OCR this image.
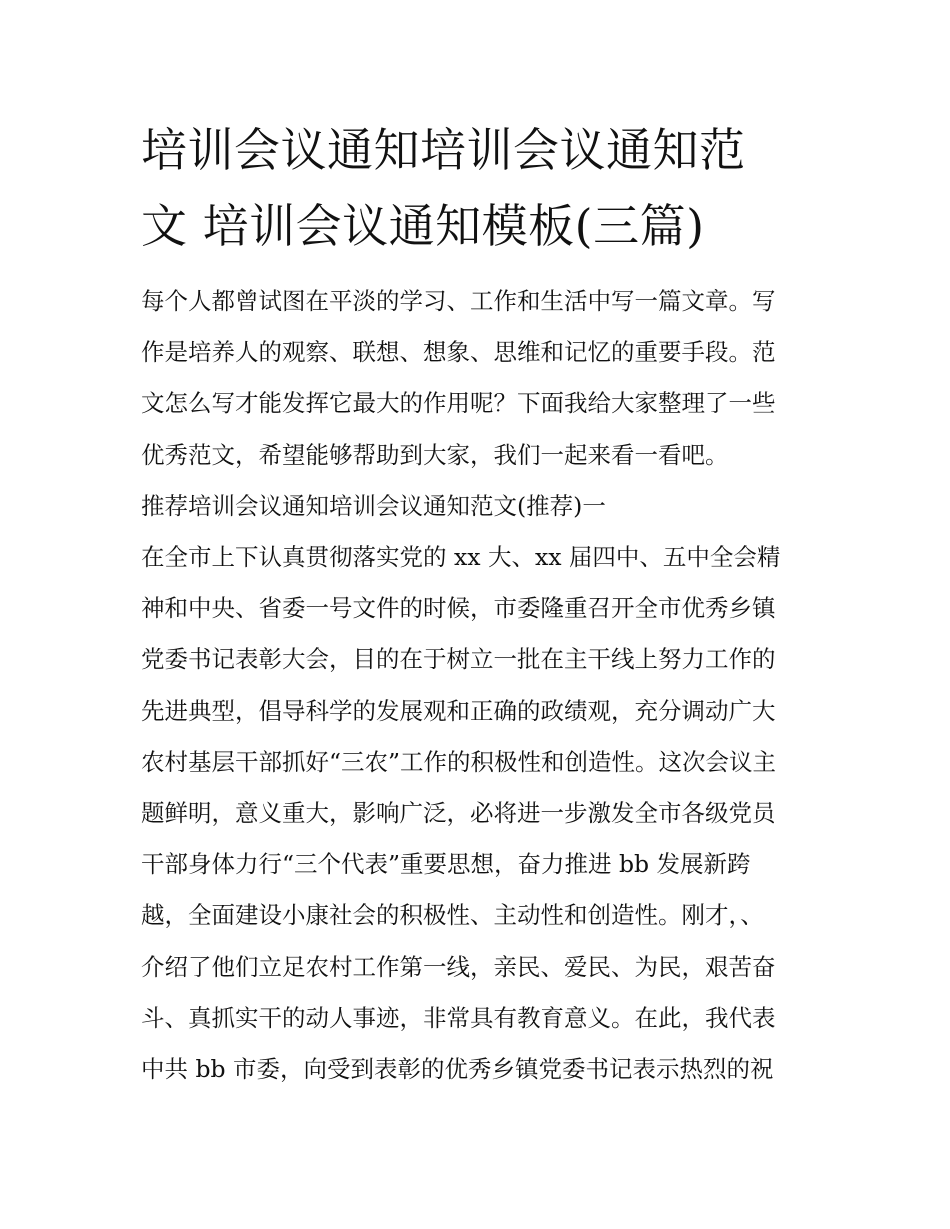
培训会议通知培训会议通知范
文 培训会议通知模板(三篇)
每个人都曾试图在平淡的学习、工作和生活中写一篇文章。写
作是培养人的观察、联想、想象、思维和记忆的重要手段。范
文怎么写才能发挥它最大的作用呢？下面我给大家整理了一些
优秀范文，希望能够帮助到大家，我们一起来看一看吧。
推荐培训会议通知培训会议通知范文(推荐)一
在全市上下认真贯彻落实党的 xx 大、xx 届四中、五中全会精
神和中央、省委一号文件的时候，市委隆重召开全市优秀乡镇
党委书记表彰大会，目的在于树立一批在主干线上努力工作的
先进典型，倡导科学的发展观和正确的政绩观，充分调动广大
农村基层干部抓好“三农”工作的积极性和创造性。这次会议主
题鲜明，意义重大，影响广泛，必将进一步激发全市各级党员
干部身体力行“三个代表”重要思想，奋力推进 bb 发展新跨
越，全面建设小康社会的积极性、主动性和创造性。刚才，、
介绍了他们立足农村工作第一线，亲民、爱民、为民，艰苦奋
斗、真抓实干的动人事迹，非常具有教育意义。在此，我代表
中共 bb 市委，向受到表彰的优秀乡镇党委书记表示热烈的祝
